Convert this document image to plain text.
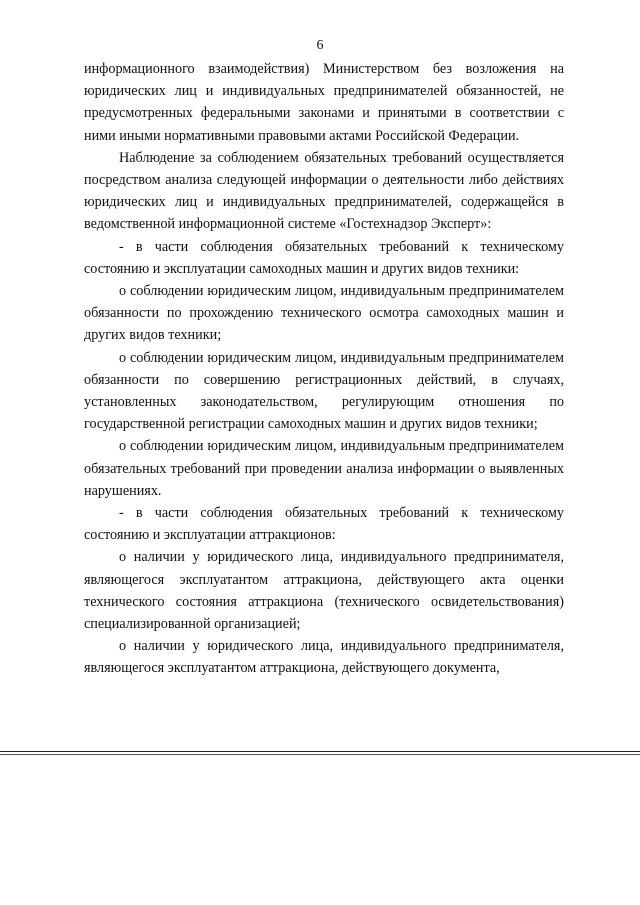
6

информационного взаимодействия) Министерством без возложения на юридических лиц и индивидуальных предпринимателей обязанностей, не предусмотренных федеральными законами и принятыми в соответствии с ними иными нормативными правовыми актами Российской Федерации.

Наблюдение за соблюдением обязательных требований осуществляется посредством анализа следующей информации о деятельности либо действиях юридических лиц и индивидуальных предпринимателей, содержащейся в ведомственной информационной системе «Гостехнадзор Эксперт»:

- в части соблюдения обязательных требований к техническому состоянию и эксплуатации самоходных машин и других видов техники:

о соблюдении юридическим лицом, индивидуальным предпринимателем обязанности по прохождению технического осмотра самоходных машин и других видов техники;

о соблюдении юридическим лицом, индивидуальным предпринимателем обязанности по совершению регистрационных действий, в случаях, установленных законодательством, регулирующим отношения по государственной регистрации самоходных машин и других видов техники;

о соблюдении юридическим лицом, индивидуальным предпринимателем обязательных требований при проведении анализа информации о выявленных нарушениях.

- в части соблюдения обязательных требований к техническому состоянию и эксплуатации аттракционов:

о наличии у юридического лица, индивидуального предпринимателя, являющегося эксплуатантом аттракциона, действующего акта оценки технического состояния аттракциона (технического освидетельствования) специализированной организацией;

о наличии у юридического лица, индивидуального предпринимателя, являющегося эксплуатантом аттракциона, действующего документа,
